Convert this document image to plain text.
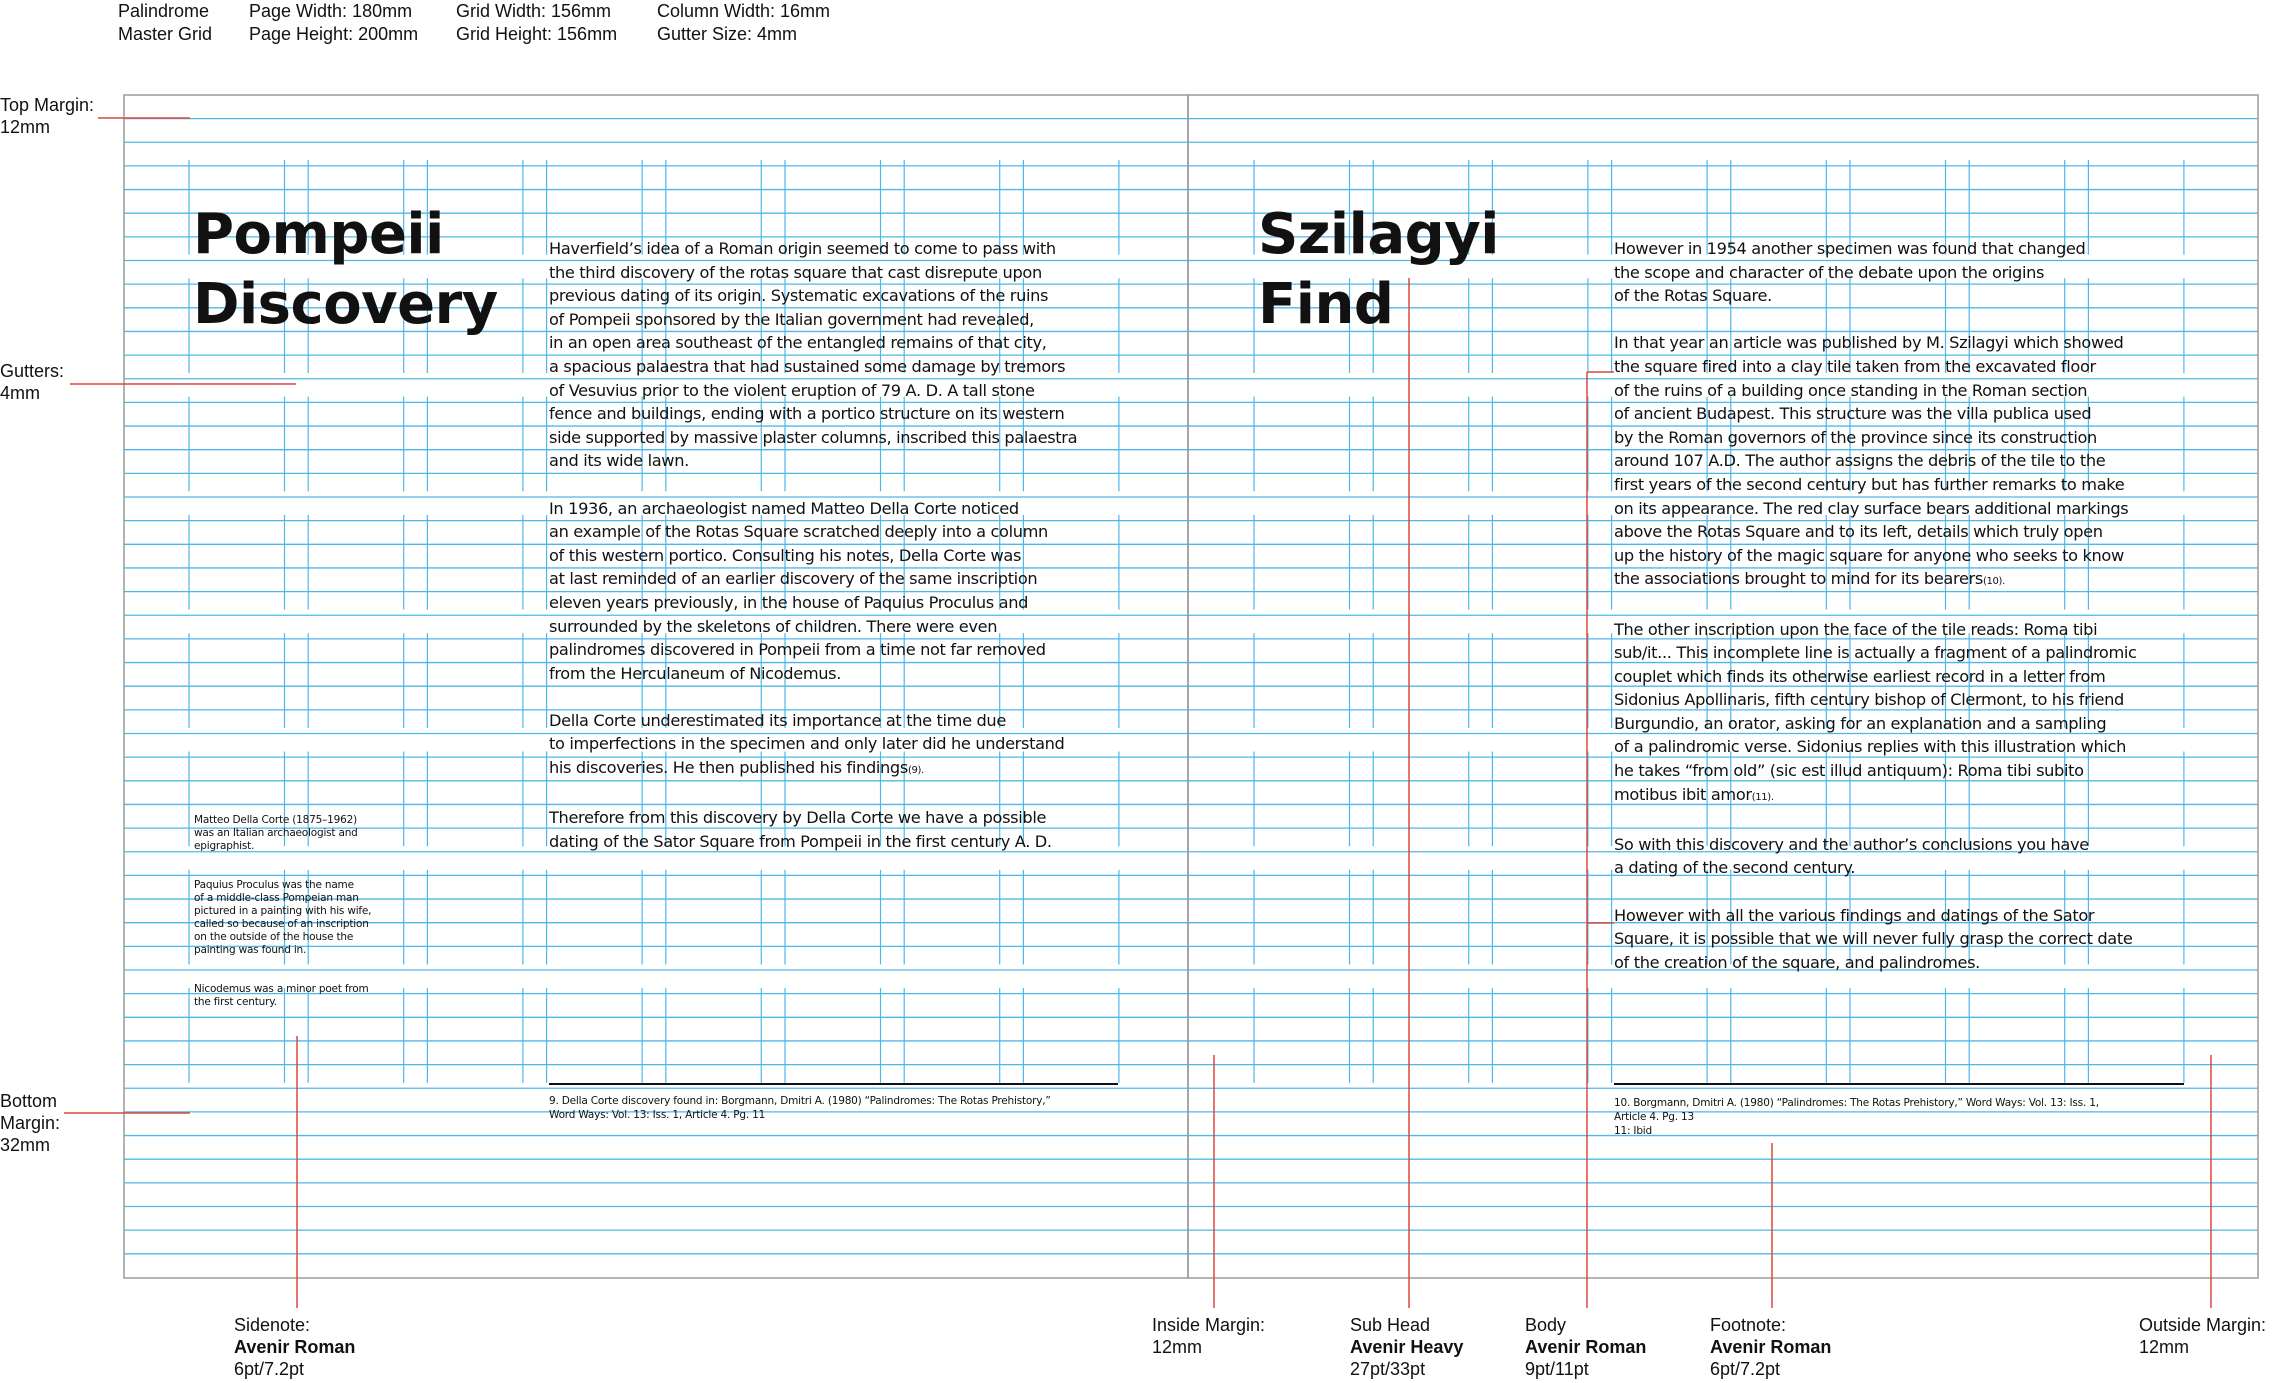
Palindrome
Master Grid
Page Width: 180mm
Page Height: 200mm
Grid Width: 156mm
Grid Height: 156mm
Column Width: 16mm
Gutter Size: 4mm
Top Margin:
12mm
Gutters:
4mm
Bottom
Margin:
32mm
Pompeii
Discovery

Haverfield’s idea of a Roman origin seemed to come to pass with
the third discovery of the rotas square that cast disrepute upon
previous dating of its origin. Systematic excavations of the ruins
of Pompeii sponsored by the Italian government had revealed,
in an open area southeast of the entangled remains of that city,
a spacious palaestra that had sustained some damage by tremors
of Vesuvius prior to the violent eruption of 79 A. D. A tall stone
fence and buildings, ending with a portico structure on its western
side supported by massive plaster columns, inscribed this palaestra
and its wide lawn.

In 1936, an archaeologist named Matteo Della Corte noticed
an example of the Rotas Square scratched deeply into a column
of this western portico. Consulting his notes, Della Corte was
at last reminded of an earlier discovery of the same inscription
eleven years previously, in the house of Paquius Proculus and
surrounded by the skeletons of children. There were even
palindromes discovered in Pompeii from a time not far removed
from the Herculaneum of Nicodemus.

Della Corte underestimated its importance at the time due
to imperfections in the specimen and only later did he understand
his discoveries. He then published his findings(9).

Therefore from this discovery by Della Corte we have a possible
dating of the Sator Square from Pompeii in the first century A. D.

Matteo Della Corte (1875–1962)
was an Italian archaeologist and
epigraphist.

Paquius Proculus was the name
of a middle-class Pompeian man
pictured in a painting with his wife,
called so because of an inscription
on the outside of the house the
painting was found in.

Nicodemus was a minor poet from
the first century.

9. Della Corte discovery found in: Borgmann, Dmitri A. (1980) “Palindromes: The Rotas Prehistory,”
Word Ways: Vol. 13: Iss. 1, Article 4. Pg. 11

Szilagyi
Find

However in 1954 another specimen was found that changed
the scope and character of the debate upon the origins
of the Rotas Square.

In that year an article was published by M. Szilagyi which showed
the square fired into a clay tile taken from the excavated floor
of the ruins of a building once standing in the Roman section
of ancient Budapest. This structure was the villa publica used
by the Roman governors of the province since its construction
around 107 A.D. The author assigns the debris of the tile to the
first years of the second century but has further remarks to make
on its appearance. The red clay surface bears additional markings
above the Rotas Square and to its left, details which truly open
up the history of the magic square for anyone who seeks to know
the associations brought to mind for its bearers(10).

The other inscription upon the face of the tile reads: Roma tibi
sub/it... This incomplete line is actually a fragment of a palindromic
couplet which finds its otherwise earliest record in a letter from
Sidonius Apollinaris, fifth century bishop of Clermont, to his friend
Burgundio, an orator, asking for an explanation and a sampling
of a palindromic verse. Sidonius replies with this illustration which
he takes “from old” (sic est illud antiquum): Roma tibi subito
motibus ibit amor(11).

So with this discovery and the author’s conclusions you have
a dating of the second century.

However with all the various findings and datings of the Sator
Square, it is possible that we will never fully grasp the correct date
of the creation of the square, and palindromes.

10. Borgmann, Dmitri A. (1980) “Palindromes: The Rotas Prehistory,” Word Ways: Vol. 13: Iss. 1,
Article 4. Pg. 13
11: Ibid

Sidenote:
Avenir Roman
6pt/7.2pt
Inside Margin:
12mm
Sub Head
Avenir Heavy
27pt/33pt
Body
Avenir Roman
9pt/11pt
Footnote:
Avenir Roman
6pt/7.2pt
Outside Margin:
12mm
